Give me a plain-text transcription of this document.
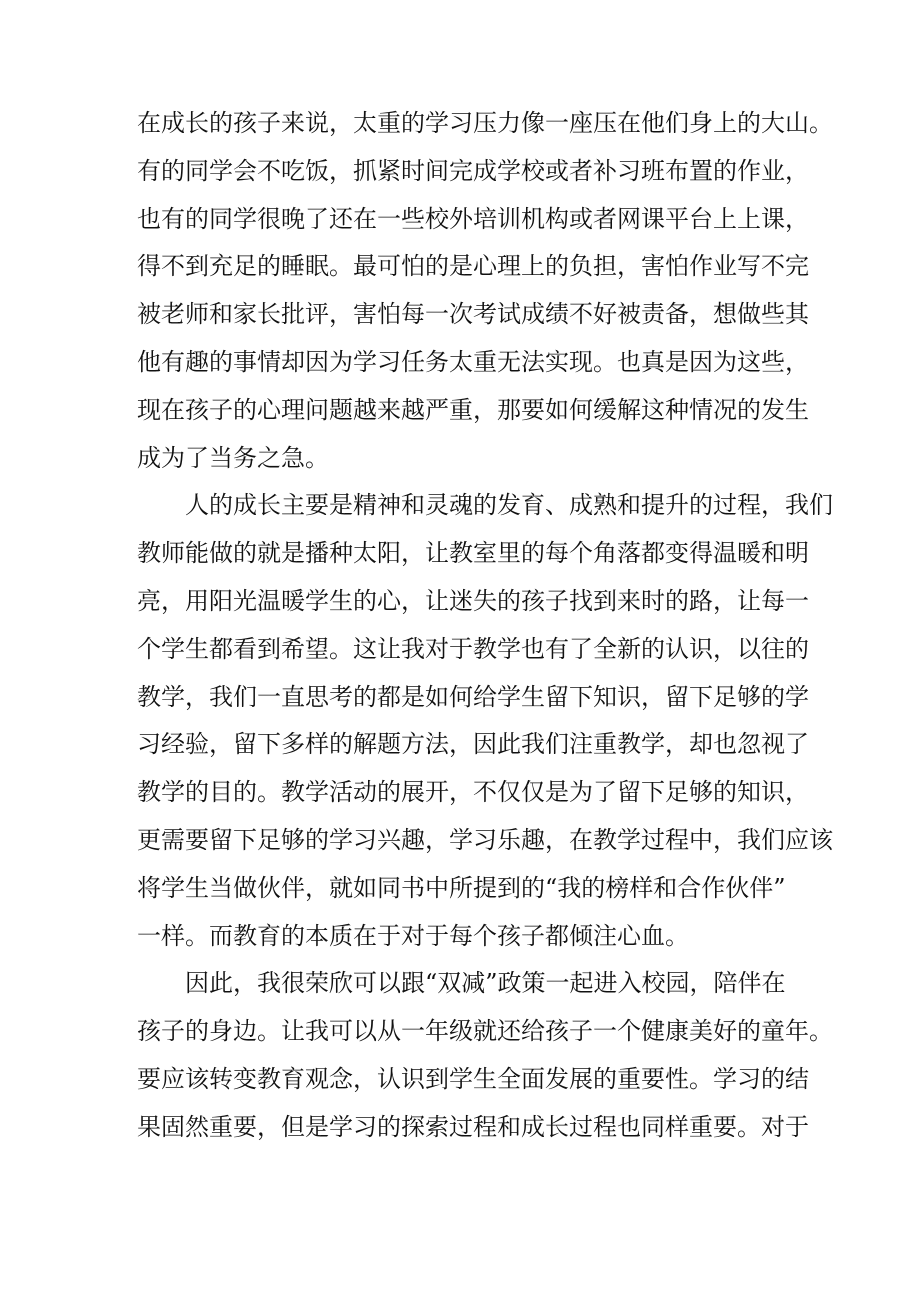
在成长的孩子来说，太重的学习压力像一座压在他们身上的大山。
有的同学会不吃饭，抓紧时间完成学校或者补习班布置的作业，
也有的同学很晚了还在一些校外培训机构或者网课平台上上课，
得不到充足的睡眠。最可怕的是心理上的负担，害怕作业写不完
被老师和家长批评，害怕每一次考试成绩不好被责备，想做些其
他有趣的事情却因为学习任务太重无法实现。也真是因为这些，
现在孩子的心理问题越来越严重，那要如何缓解这种情况的发生
成为了当务之急。
人的成长主要是精神和灵魂的发育、成熟和提升的过程，我们
教师能做的就是播种太阳，让教室里的每个角落都变得温暖和明
亮，用阳光温暖学生的心，让迷失的孩子找到来时的路，让每一
个学生都看到希望。这让我对于教学也有了全新的认识，以往的
教学，我们一直思考的都是如何给学生留下知识，留下足够的学
习经验，留下多样的解题方法，因此我们注重教学，却也忽视了
教学的目的。教学活动的展开，不仅仅是为了留下足够的知识，
更需要留下足够的学习兴趣，学习乐趣，在教学过程中，我们应该
将学生当做伙伴，就如同书中所提到的“我的榜样和合作伙伴”
一样。而教育的本质在于对于每个孩子都倾注心血。
因此，我很荣欣可以跟“双减”政策一起进入校园，陪伴在
孩子的身边。让我可以从一年级就还给孩子一个健康美好的童年。
要应该转变教育观念，认识到学生全面发展的重要性。学习的结
果固然重要，但是学习的探索过程和成长过程也同样重要。对于
